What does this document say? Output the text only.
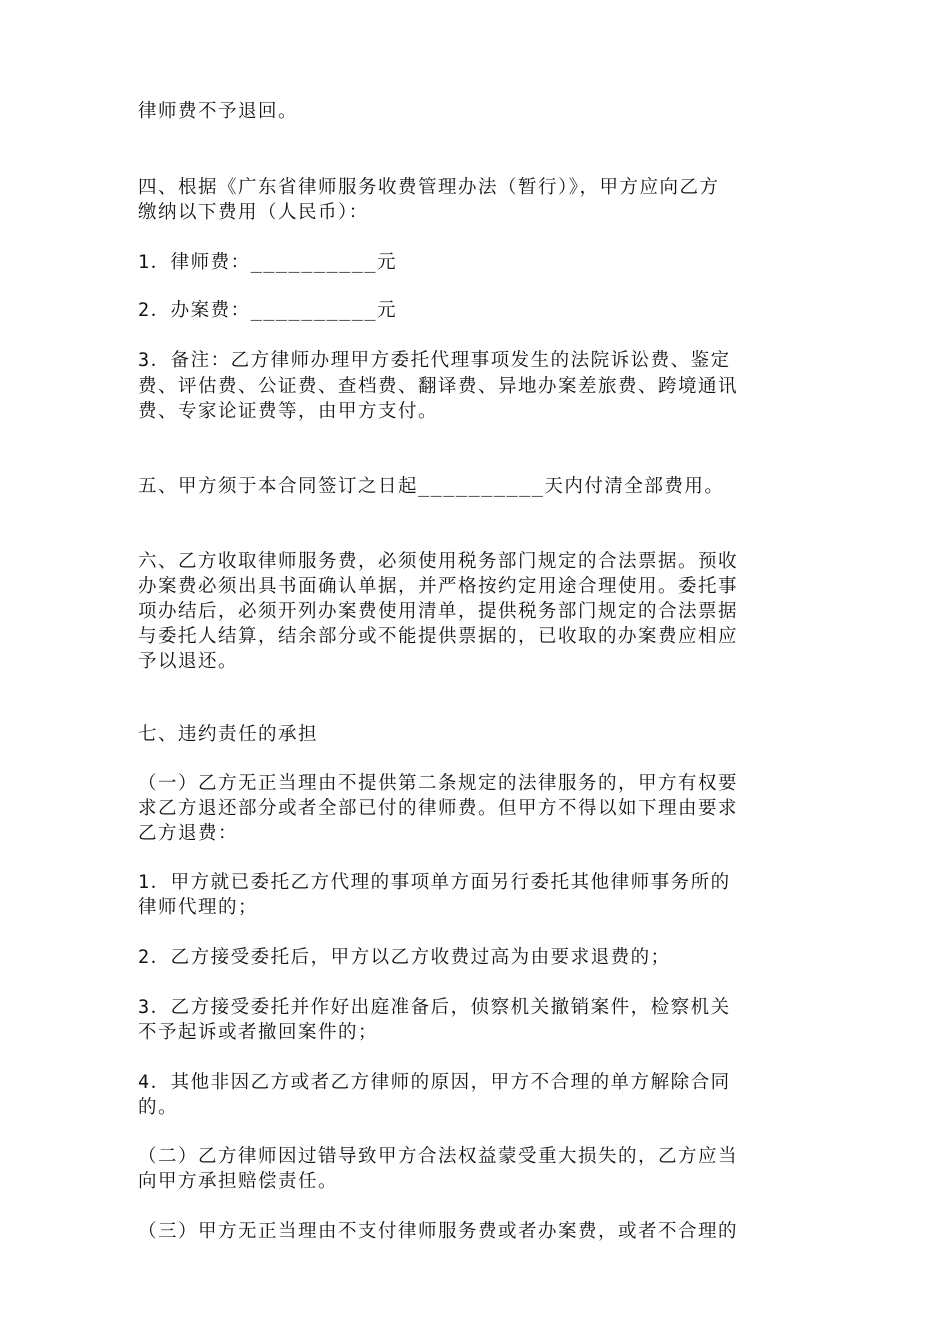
律师费不予退回。
四、根据《广东省律师服务收费管理办法（暂行）》，甲方应向乙方
缴纳以下费用（人民币）：
1．律师费：__________元
2．办案费：__________元
3．备注：乙方律师办理甲方委托代理事项发生的法院诉讼费、鉴定
费、评估费、公证费、查档费、翻译费、异地办案差旅费、跨境通讯
费、专家论证费等，由甲方支付。
五、甲方须于本合同签订之日起__________天内付清全部费用。
六、乙方收取律师服务费，必须使用税务部门规定的合法票据。预收
办案费必须出具书面确认单据，并严格按约定用途合理使用。委托事
项办结后，必须开列办案费使用清单，提供税务部门规定的合法票据
与委托人结算，结余部分或不能提供票据的，已收取的办案费应相应
予以退还。
七、违约责任的承担
（一）乙方无正当理由不提供第二条规定的法律服务的，甲方有权要
求乙方退还部分或者全部已付的律师费。但甲方不得以如下理由要求
乙方退费：
1．甲方就已委托乙方代理的事项单方面另行委托其他律师事务所的
律师代理的；
2．乙方接受委托后，甲方以乙方收费过高为由要求退费的；
3．乙方接受委托并作好出庭准备后，侦察机关撤销案件，检察机关
不予起诉或者撤回案件的；
4．其他非因乙方或者乙方律师的原因，甲方不合理的单方解除合同
的。
（二）乙方律师因过错导致甲方合法权益蒙受重大损失的，乙方应当
向甲方承担赔偿责任。
（三）甲方无正当理由不支付律师服务费或者办案费，或者不合理的
